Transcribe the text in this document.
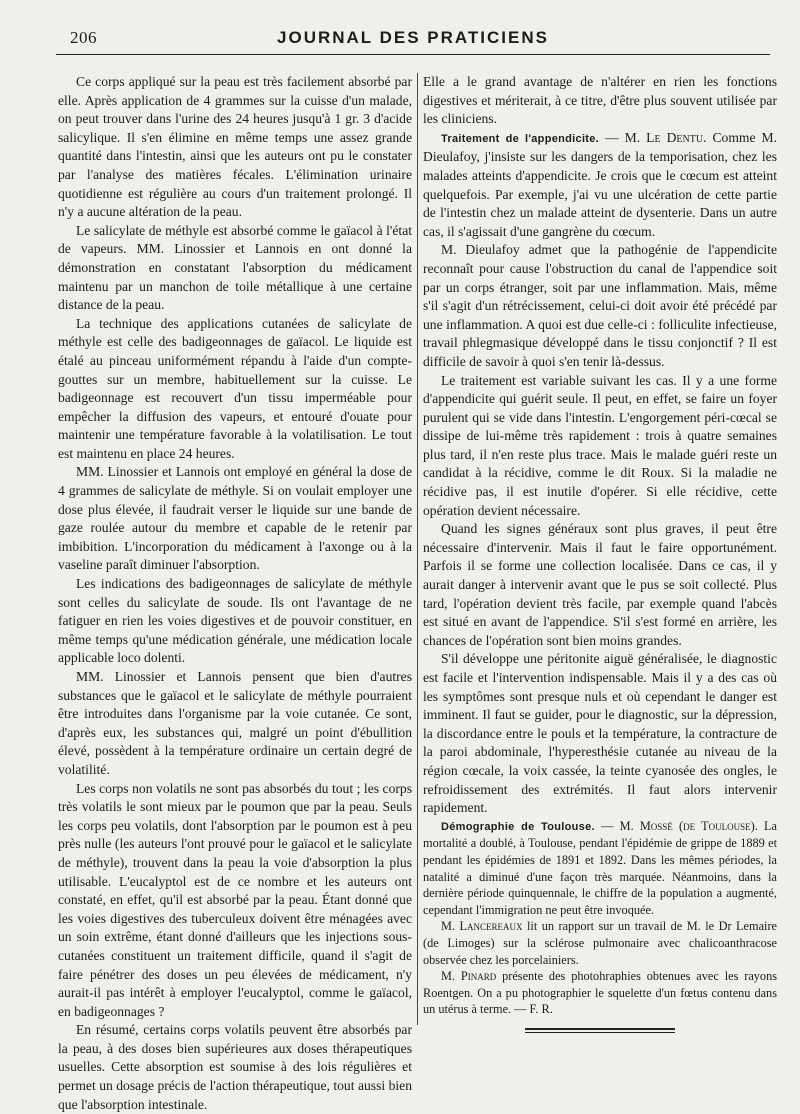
206	JOURNAL DES PRATICIENS

Ce corps appliqué sur la peau est très facilement absorbé par elle. Après application de 4 grammes sur la cuisse d'un malade, on peut trouver dans l'urine des 24 heures jusqu'à 1 gr. 3 d'acide salicylique. Il s'en élimine en même temps une assez grande quantité dans l'intestin, ainsi que les auteurs ont pu le constater par l'analyse des matières fécales. L'élimination urinaire quotidienne est régulière au cours d'un traitement prolongé. Il n'y a aucune altération de la peau.

Le salicylate de méthyle est absorbé comme le gaïacol à l'état de vapeurs. MM. Linossier et Lannois en ont donné la démonstration en constatant l'absorption du médicament maintenu par un manchon de toile métallique à une certaine distance de la peau.

La technique des applications cutanées de salicylate de méthyle est celle des badigeonnages de gaïacol. Le liquide est étalé au pinceau uniformément répandu à l'aide d'un compte-gouttes sur un membre, habituellement sur la cuisse. Le badigeonnage est recouvert d'un tissu imperméable pour empêcher la diffusion des vapeurs, et entouré d'ouate pour maintenir une température favorable à la volatilisation. Le tout est maintenu en place 24 heures.

MM. Linossier et Lannois ont employé en général la dose de 4 grammes de salicylate de méthyle. Si on voulait employer une dose plus élevée, il faudrait verser le liquide sur une bande de gaze roulée autour du membre et capable de le retenir par imbibition. L'incorporation du médicament à l'axonge ou à la vaseline paraît diminuer l'absorption.

Les indications des badigeonnages de salicylate de méthyle sont celles du salicylate de soude. Ils ont l'avantage de ne fatiguer en rien les voies digestives et de pouvoir constituer, en même temps qu'une médication générale, une médication locale applicable loco dolenti.

MM. Linossier et Lannois pensent que bien d'autres substances que le gaïacol et le salicylate de méthyle pourraient être introduites dans l'organisme par la voie cutanée. Ce sont, d'après eux, les substances qui, malgré un point d'ébullition élevé, possèdent à la température ordinaire un certain degré de volatilité.

Les corps non volatils ne sont pas absorbés du tout ; les corps très volatils le sont mieux par le poumon que par la peau. Seuls les corps peu volatils, dont l'absorption par le poumon est à peu près nulle (les auteurs l'ont prouvé pour le gaïacol et le salicylate de méthyle), trouvent dans la peau la voie d'absorption la plus utilisable. L'eucalyptol est de ce nombre et les auteurs ont constaté, en effet, qu'il est absorbé par la peau. Étant donné que les voies digestives des tuberculeux doivent être ménagées avec un soin extrême, étant donné d'ailleurs que les injections sous-cutanées constituent un traitement difficile, quand il s'agit de faire pénétrer des doses un peu élevées de médicament, n'y aurait-il pas intérêt à employer l'eucalyptol, comme le gaïacol, en badigeonnages ?

En résumé, certains corps volatils peuvent être absorbés par la peau, à des doses bien supérieures aux doses thérapeutiques usuelles. Cette absorption est soumise à des lois régulières et permet un dosage précis de l'action thérapeutique, tout aussi bien que l'absorption intestinale.

Elle a le grand avantage de n'altérer en rien les fonctions digestives et mériterait, à ce titre, d'être plus souvent utilisée par les cliniciens.

Traitement de l'appendicite. — M. Le Dentu. Comme M. Dieulafoy, j'insiste sur les dangers de la temporisation, chez les malades atteints d'appendicite. Je crois que le cœcum est atteint quelquefois. Par exemple, j'ai vu une ulcération de cette partie de l'intestin chez un malade atteint de dysenterie. Dans un autre cas, il s'agissait d'une gangrène du cœcum.

M. Dieulafoy admet que la pathogénie de l'appendicite reconnaît pour cause l'obstruction du canal de l'appendice soit par un corps étranger, soit par une inflammation. Mais, même s'il s'agit d'un rétrécissement, celui-ci doit avoir été précédé par une inflammation. A quoi est due celle-ci : folliculite infectieuse, travail phlegmasique développé dans le tissu conjonctif ? Il est difficile de savoir à quoi s'en tenir là-dessus.

Le traitement est variable suivant les cas. Il y a une forme d'appendicite qui guérit seule. Il peut, en effet, se faire un foyer purulent qui se vide dans l'intestin. L'engorgement péri-cœcal se dissipe de lui-même très rapidement : trois à quatre semaines plus tard, il n'en reste plus trace. Mais le malade guéri reste un candidat à la récidive, comme le dit Roux. Si la maladie ne récidive pas, il est inutile d'opérer. Si elle récidive, cette opération devient nécessaire.

Quand les signes généraux sont plus graves, il peut être nécessaire d'intervenir. Mais il faut le faire opportunément. Parfois il se forme une collection localisée. Dans ce cas, il y aurait danger à intervenir avant que le pus se soit collecté. Plus tard, l'opération devient très facile, par exemple quand l'abcès est situé en avant de l'appendice. S'il s'est formé en arrière, les chances de l'opération sont bien moins grandes.

S'il développe une péritonite aiguë généralisée, le diagnostic est facile et l'intervention indispensable. Mais il y a des cas où les symptômes sont presque nuls et où cependant le danger est imminent. Il faut se guider, pour le diagnostic, sur la dépression, la discordance entre le pouls et la température, la contracture de la paroi abdominale, l'hyperesthésie cutanée au niveau de la région cœcale, la voix cassée, la teinte cyanosée des ongles, le refroidissement des extrémités. Il faut alors intervenir rapidement.

Démographie de Toulouse. — M. Mossé (de Toulouse). La mortalité a doublé, à Toulouse, pendant l'épidémie de grippe de 1889 et pendant les épidémies de 1891 et 1892. Dans les mêmes périodes, la natalité a diminué d'une façon très marquée. Néanmoins, dans la dernière période quinquennale, le chiffre de la population a augmenté, cependant l'immigration ne peut être invoquée.

M. Lancereaux lit un rapport sur un travail de M. le Dr Lemaire (de Limoges) sur la sclérose pulmonaire avec chalicoanthracose observée chez les porcelainiers.

M. Pinard présente des photohraphies obtenues avec les rayons Roentgen. On a pu photographier le squelette d'un fœtus contenu dans un utérus à terme. — F. R.
